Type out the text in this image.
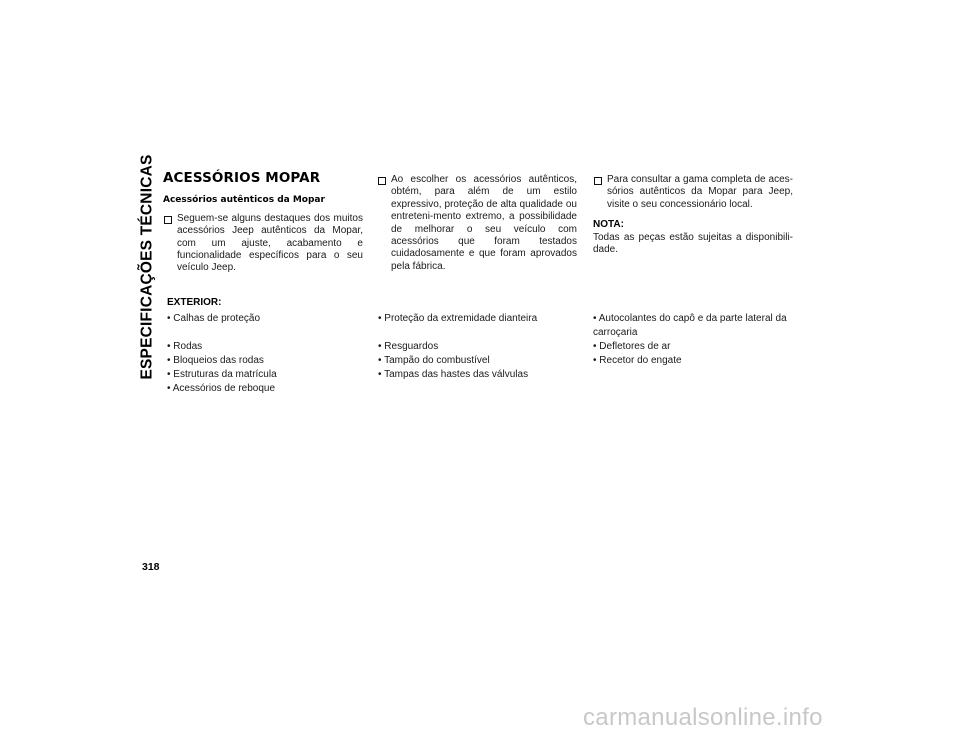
ESPECIFICAÇÕES TÉCNICAS ACESSÓRIOS MOPAR
Acessórios autênticos da Mopar
Seguem-se alguns destaques dos muitos acessórios Jeep autênticos da Mopar, com um ajuste, acabamento e funcionalidade específicos para o seu veículo Jeep.
Ao escolher os acessórios autênticos, obtém, para além de um estilo expressivo, proteção de alta qualidade ou entreteni-mento extremo, a possibilidade de melhorar o seu veículo com acessórios que foram testados cuidadosamente e que foram aprovados pela fábrica.
Para consultar a gama completa de aces-sórios autênticos da Mopar para Jeep, visite o seu concessionário local.
NOTA:
Todas as peças estão sujeitas a disponibili-dade.
EXTERIOR:
• Calhas de proteção
• Rodas
• Bloqueios das rodas
• Estruturas da matrícula
• Acessórios de reboque
• Proteção da extremidade dianteira
• Resguardos
• Tampão do combustível
• Tampas das hastes das válvulas
• Autocolantes do capô e da parte lateral da carroçaria
• Defletores de ar
• Recetor do engate
318
carmanualsonline.info
